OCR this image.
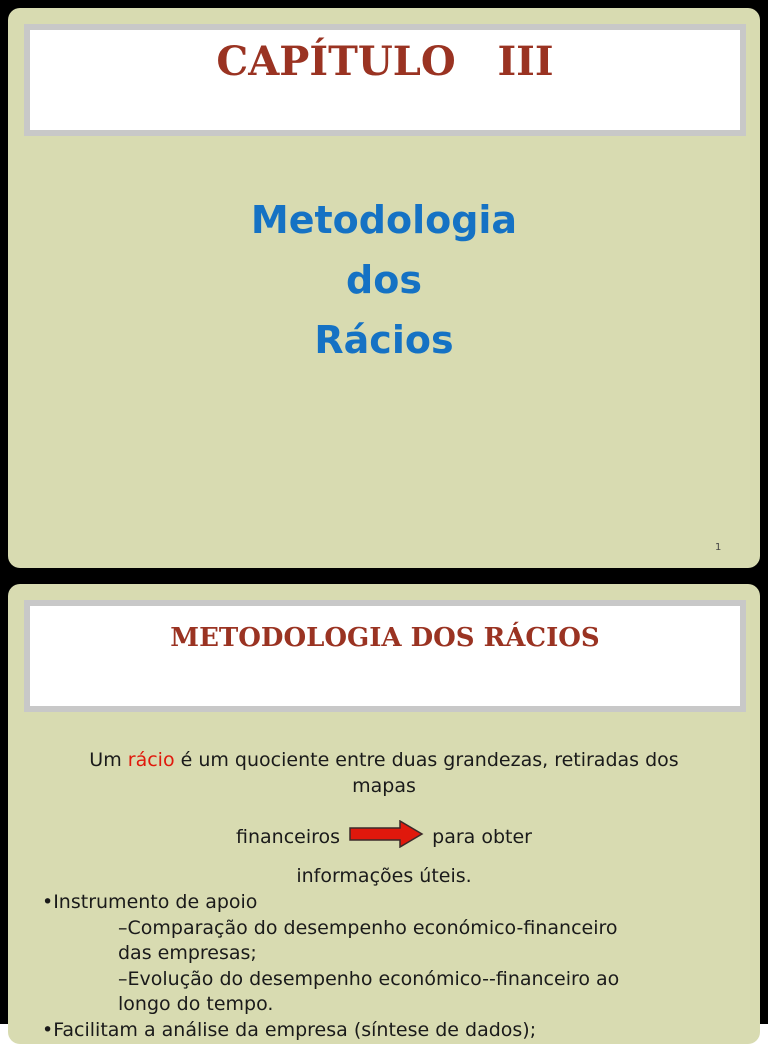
CAPÍTULO   III
Metodologia
dos
Rácios
1
METODOLOGIA DOS RÁCIOS
Um rácio é um quociente entre duas grandezas, retiradas dos
mapas
financeiros	para obter
informações úteis.
•Instrumento de apoio
–Comparação do desempenho económico-financeiro
das empresas;
–Evolução do desempenho económico--financeiro ao
longo do tempo.
•Facilitam a análise da empresa (síntese de dados);
